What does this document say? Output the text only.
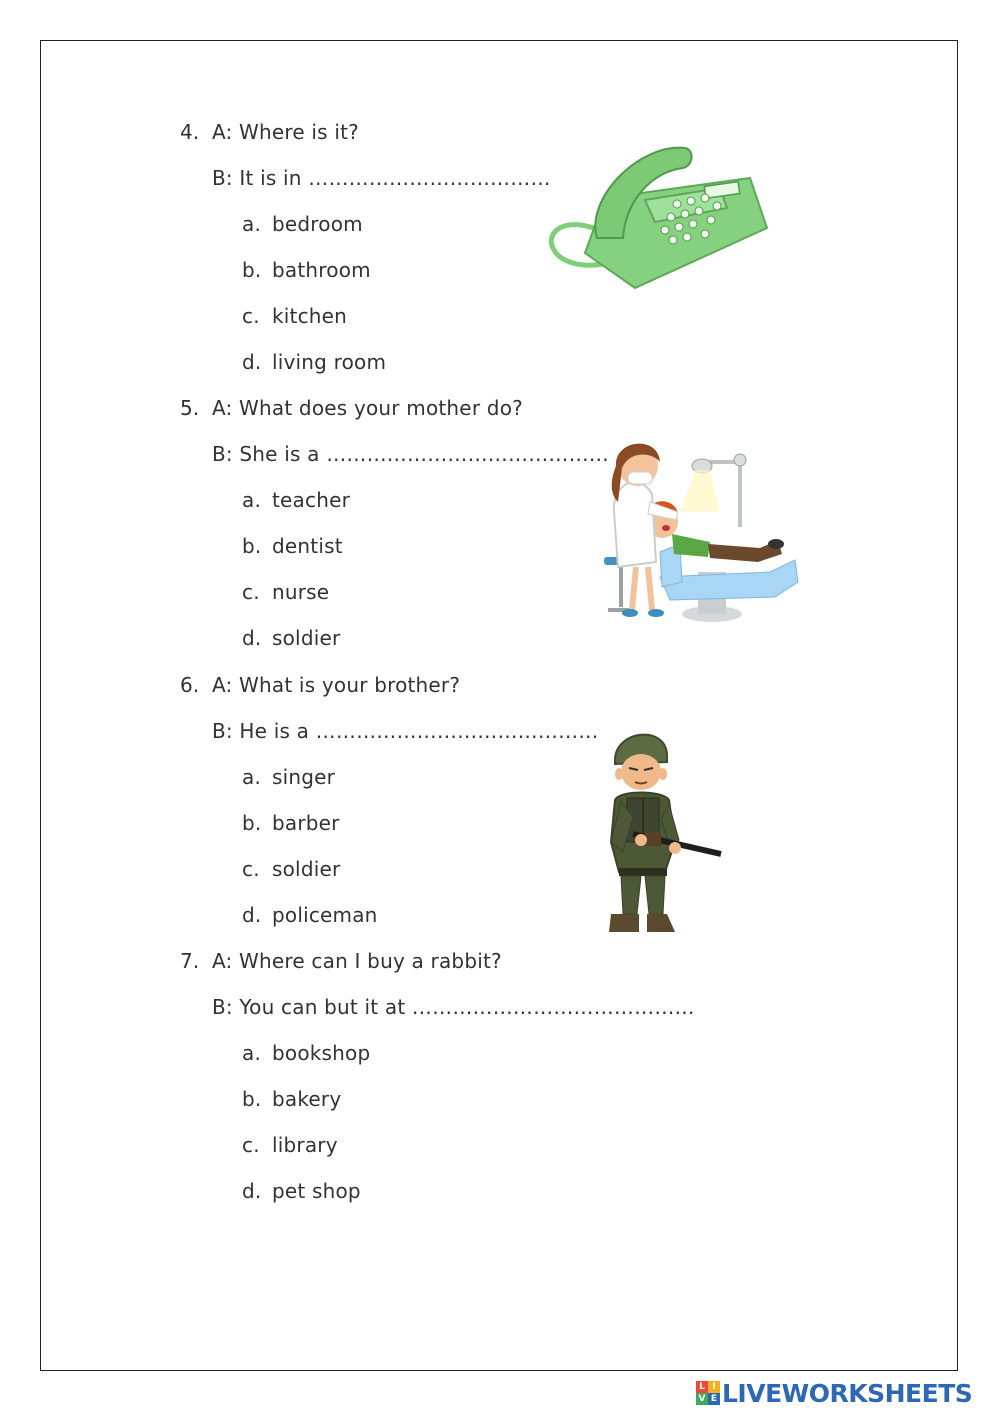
4. A: Where is it?
B: It is in ………………………………
a. bedroom
b. bathroom
c. kitchen
d. living room
5. A: What does your mother do?
B: She is a ……………………………………
a. teacher
b. dentist
c. nurse
d. soldier
6. A: What is your brother?
B: He is a ……………………………………
a. singer
b. barber
c. soldier
d. policeman
7. A: Where can I buy a rabbit?
B: You can but it at ……………………………………
a. bookshop
b. bakery
c. library
d. pet shop
L I
V E LIVEWORKSHEETS
